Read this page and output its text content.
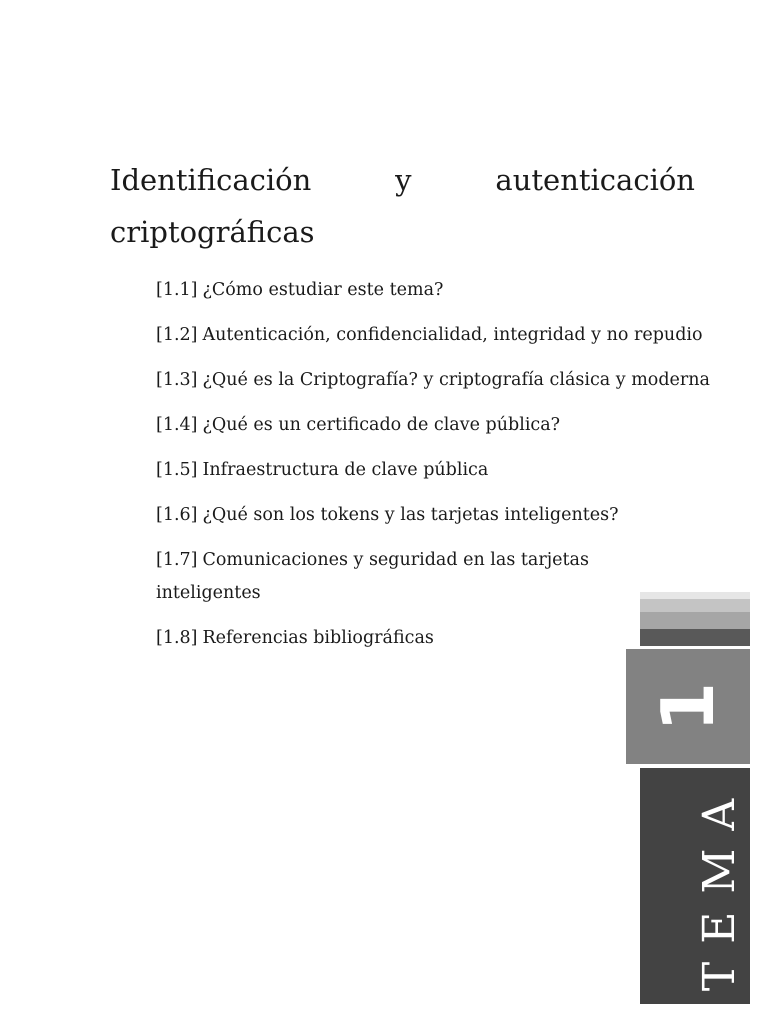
Identificación y autenticación criptográficas
[1.1] ¿Cómo estudiar este tema?
[1.2] Autenticación, confidencialidad, integridad y no repudio
[1.3] ¿Qué es la Criptografía? y criptografía clásica y moderna
[1.4] ¿Qué es un certificado de clave pública?
[1.5] Infraestructura de clave pública
[1.6] ¿Qué son los tokens y las tarjetas inteligentes?
[1.7] Comunicaciones y seguridad en las tarjetas inteligentes
[1.8] Referencias bibliográficas
1
TEMA
